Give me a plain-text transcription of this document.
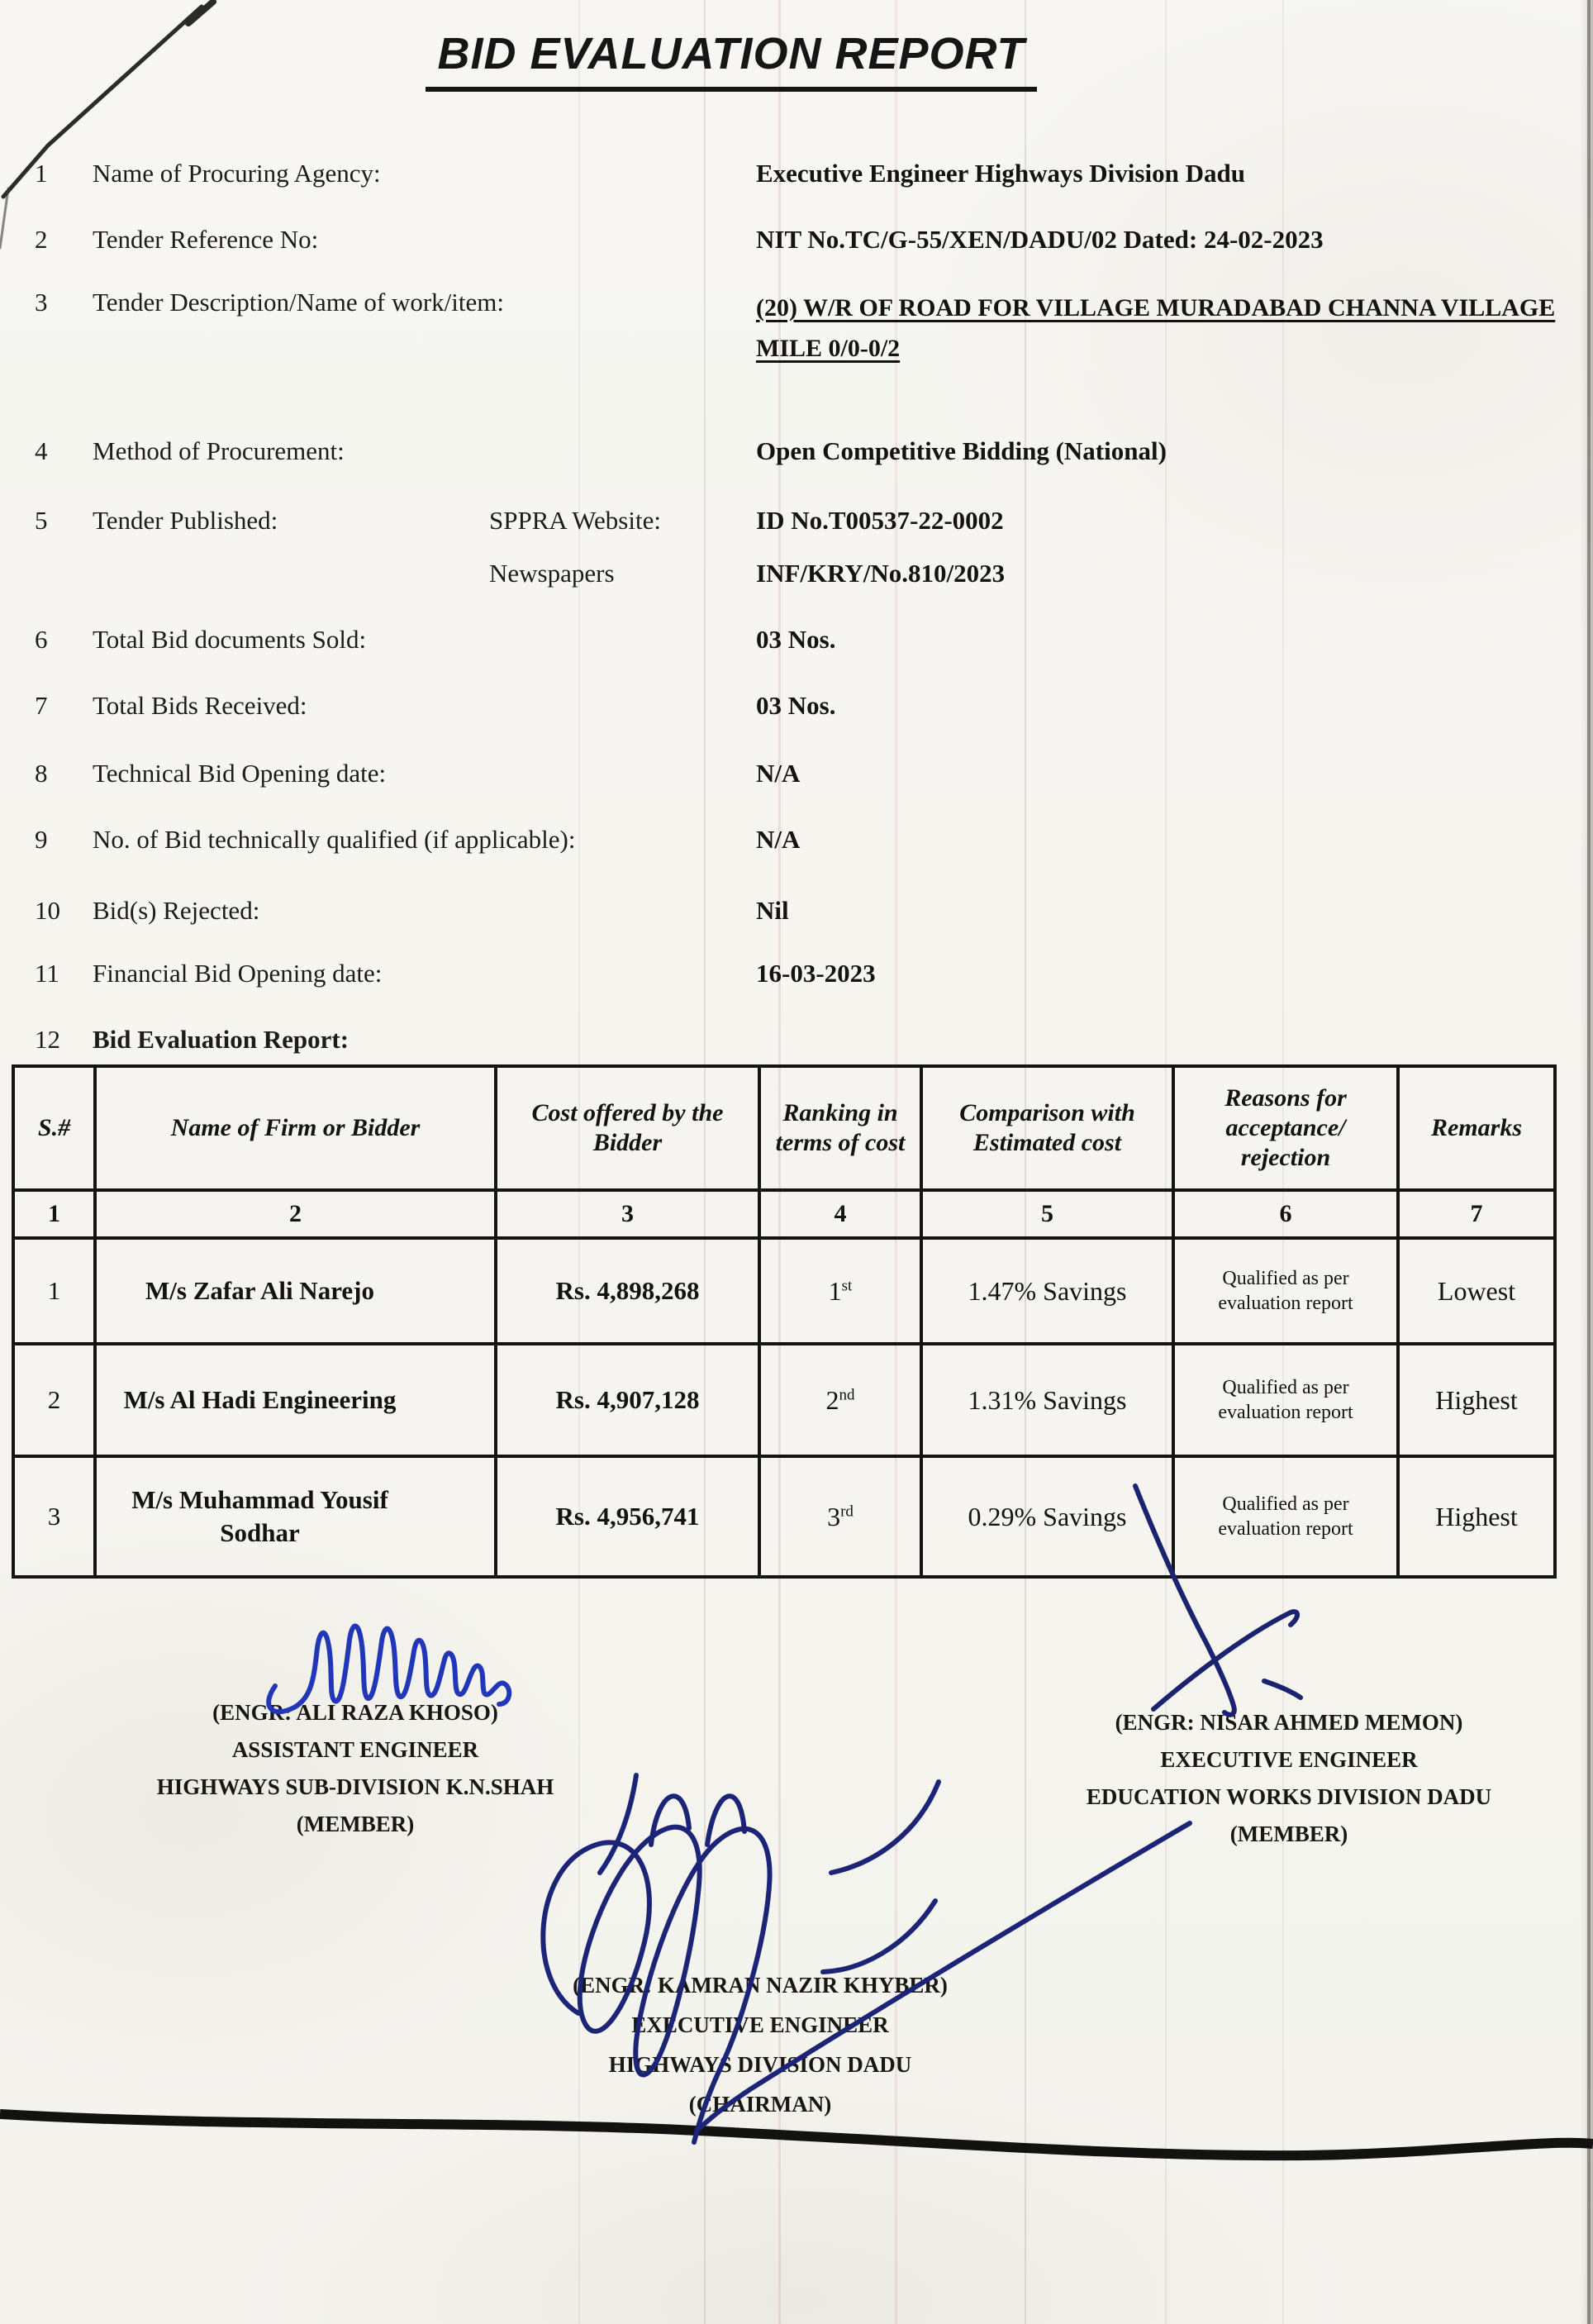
BID EVALUATION REPORT
1	Name of Procuring Agency:	Executive Engineer Highways Division Dadu
2	Tender Reference No:	NIT No.TC/G-55/XEN/DADU/02 Dated: 24-02-2023
3	Tender Description/Name of work/item:	(20) W/R OF ROAD FOR VILLAGE MURADABAD CHANNA VILLAGE MILE 0/0-0/2
4	Method of Procurement:	Open Competitive Bidding (National)
5	Tender Published:	SPPRA Website:	ID No.T00537-22-0002
Newspapers	INF/KRY/No.810/2023
6	Total Bid documents Sold:	03 Nos.
7	Total Bids Received:	03 Nos.
8	Technical Bid Opening date:	N/A
9	No. of Bid technically qualified (if applicable):	N/A
10	Bid(s) Rejected:	Nil
11	Financial Bid Opening date:	16-03-2023
12	Bid Evaluation Report:
S.#	Name of Firm or Bidder	Cost offered by the Bidder	Ranking in terms of cost	Comparison with Estimated cost	Reasons for acceptance/ rejection	Remarks
1	2	3	4	5	6	7
1	M/s Zafar Ali Narejo	Rs. 4,898,268	1st	1.47% Savings	Qualified as per evaluation report	Lowest
2	M/s Al Hadi Engineering	Rs. 4,907,128	2nd	1.31% Savings	Qualified as per evaluation report	Highest
3	M/s Muhammad Yousif Sodhar	Rs. 4,956,741	3rd	0.29% Savings	Qualified as per evaluation report	Highest
(ENGR: ALI RAZA KHOSO)
ASSISTANT ENGINEER
HIGHWAYS SUB-DIVISION K.N.SHAH
(MEMBER)
(ENGR: NISAR AHMED MEMON)
EXECUTIVE ENGINEER
EDUCATION WORKS DIVISION DADU
(MEMBER)
(ENGR: KAMRAN NAZIR KHYBER)
EXECUTIVE ENGINEER
HIGHWAYS DIVISION DADU
(CHAIRMAN)
